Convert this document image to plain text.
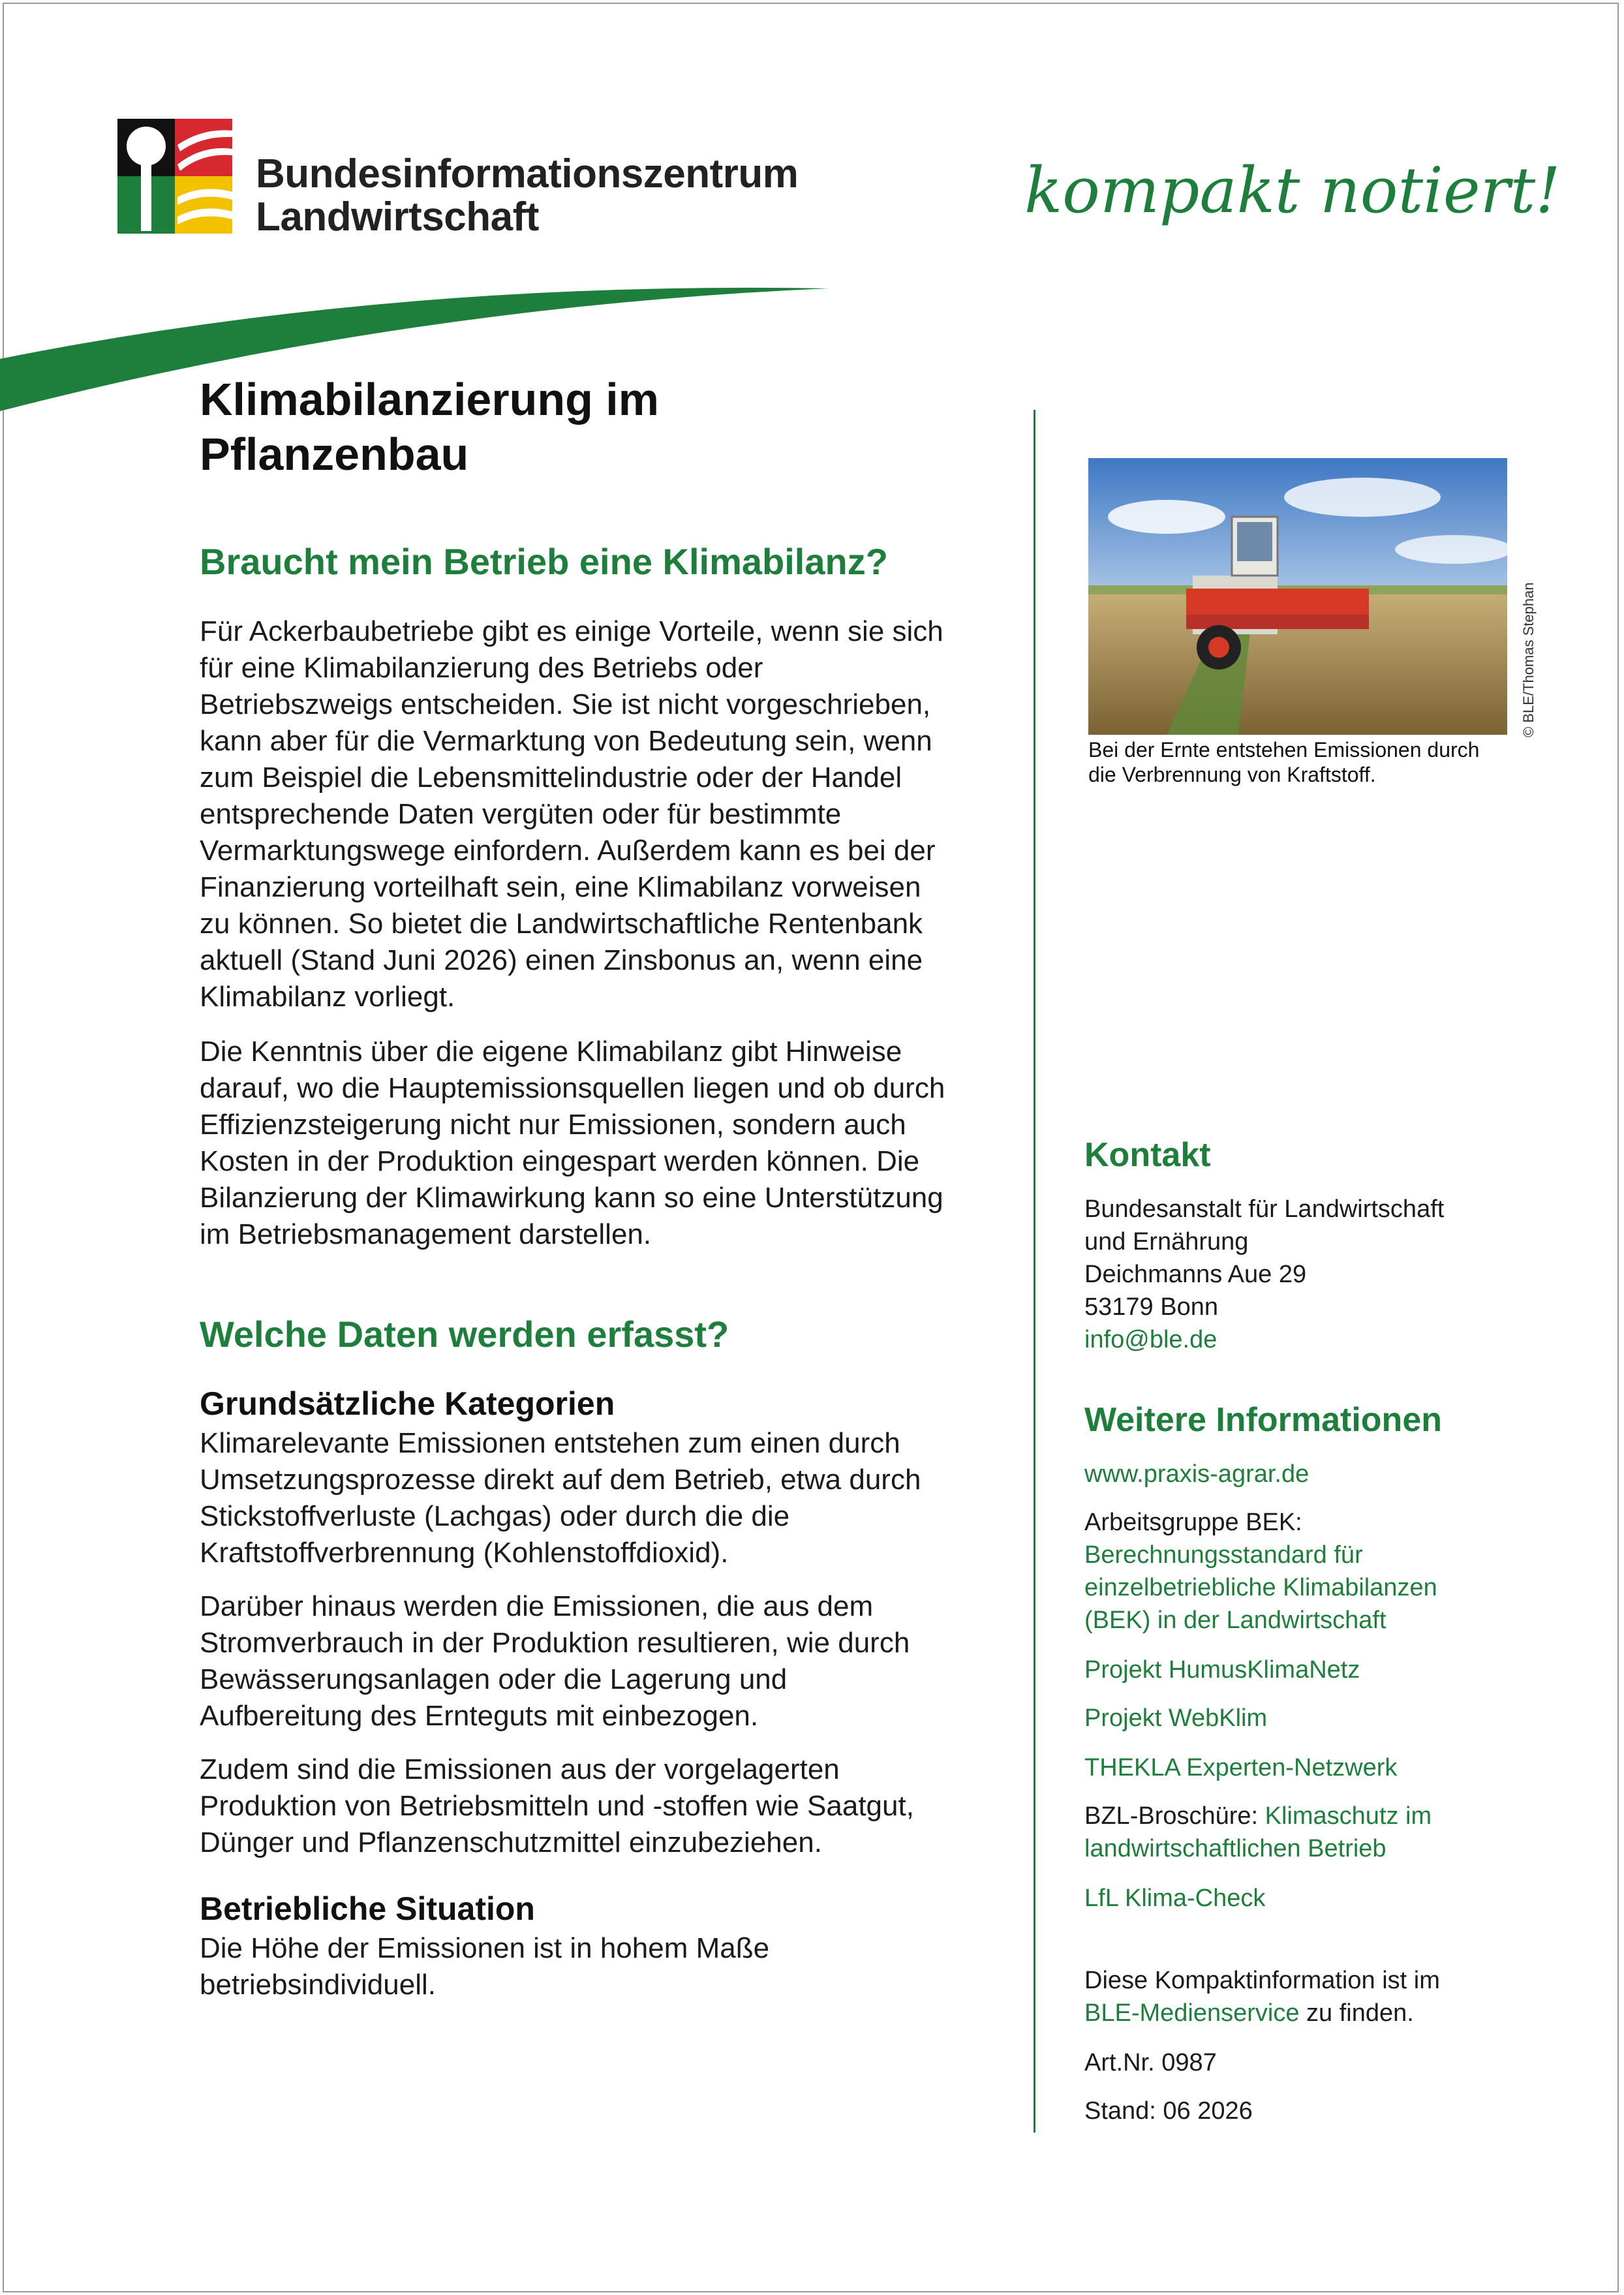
Bundesinformationszentrum
Landwirtschaft	kompakt notiert!
Klimabilanzierung im
Pflanzenbau
Braucht mein Betrieb eine Klimabilanz?

Für Ackerbaubetriebe gibt es einige Vorteile, wenn sie sich

für eine Klimabilanzierung des Betriebs oder

Betriebszweigs entscheiden. Sie ist nicht vorgeschrieben,

kann aber für die Vermarktung von Bedeutung sein, wenn

zum Beispiel die Lebensmittelindustrie oder der Handel

entsprechende Daten vergüten oder für bestimmte

Vermarktungswege einfordern. Außerdem kann es bei der

Finanzierung vorteilhaft sein, eine Klimabilanz vorweisen

zu können. So bietet die Landwirtschaftliche Rentenbank

aktuell (Stand Juni 2026) einen Zinsbonus an, wenn eine

Klimabilanz vorliegt.

Die Kenntnis über die eigene Klimabilanz gibt Hinweise

darauf, wo die Hauptemissionsquellen liegen und ob durch

Effizienzsteigerung nicht nur Emissionen, sondern auch

Kosten in der Produktion eingespart werden können. Die

Bilanzierung der Klimawirkung kann so eine Unterstützung

im Betriebsmanagement darstellen.

Welche Daten werden erfasst?
Grundsätzliche Kategorien

Klimarelevante Emissionen entstehen zum einen durch

Umsetzungsprozesse direkt auf dem Betrieb, etwa durch

Stickstoffverluste (Lachgas) oder durch die die

Kraftstoffverbrennung (Kohlenstoffdioxid).

Darüber hinaus werden die Emissionen, die aus dem

Stromverbrauch in der Produktion resultieren, wie durch

Bewässerungsanlagen oder die Lagerung und

Aufbereitung des Ernteguts mit einbezogen.

Zudem sind die Emissionen aus der vorgelagerten

Produktion von Betriebsmitteln und -stoffen wie Saatgut,

Dünger und Pflanzenschutzmittel einzubeziehen.

Betriebliche Situation

Die Höhe der Emissionen ist in hohem Maße

betriebsindividuell.

Bei der Ernte entstehen Emissionen durch
die Verbrennung von Kraftstoff.
© BLE/Thomas Stephan
Kontakt

Bundesanstalt für Landwirtschaft

und Ernährung

Deichmanns Aue 29

53179 Bonn

info@ble.de

Weitere Informationen

www.praxis-agrar.de

Arbeitsgruppe BEK:

Berechnungsstandard für

einzelbetriebliche Klimabilanzen

(BEK) in der Landwirtschaft

Projekt HumusKlimaNetz

Projekt WebKlim

THEKLA Experten-Netzwerk

BZL-Broschüre: Klimaschutz im

landwirtschaftlichen Betrieb

LfL Klima-Check

Diese Kompaktinformation ist im

BLE-Medienservice zu finden.

Art.Nr. 0987

Stand: 06 2026
